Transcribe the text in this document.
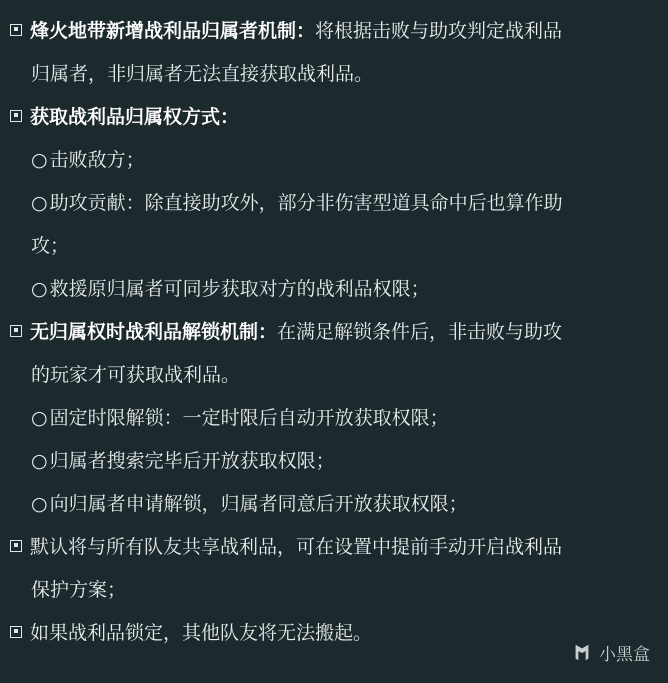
烽火地带新增战利品归属者机制：将根据击败与助攻判定战利品
归属者，非归属者无法直接获取战利品。
获取战利品归属权方式：
○ 击败敌方；
○ 助攻贡献：除直接助攻外，部分非伤害型道具命中后也算作助
攻；
○ 救援原归属者可同步获取对方的战利品权限；
无归属权时战利品解锁机制：在满足解锁条件后，非击败与助攻
的玩家才可获取战利品。
○ 固定时限解锁：一定时限后自动开放获取权限；
○ 归属者搜索完毕后开放获取权限；
○ 向归属者申请解锁，归属者同意后开放获取权限；
默认将与所有队友共享战利品，可在设置中提前手动开启战利品
保护方案；
如果战利品锁定，其他队友将无法搬起。
小黑盒
